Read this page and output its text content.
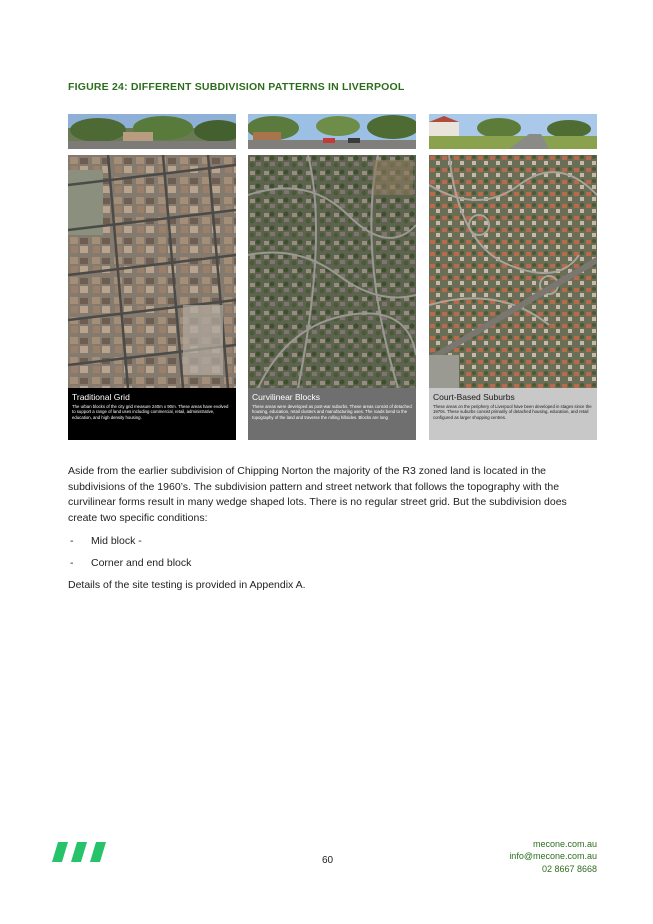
FIGURE 24: DIFFERENT SUBDIVISION PATTERNS IN LIVERPOOL
Traditional Grid
The urban blocks of the city grid measure 240m x 90m. These areas have evolved to support a range of land uses including commercial, retail, administrative, education, and high density housing.
Curvilinear Blocks
These areas were developed as post-war suburbs. These areas consist of detached housing, education, retail clusters and manufacturing uses. The roads bend to the topography of the land and traverse the rolling hillsides. Blocks are long
Court-Based Suburbs
These areas on the periphery of Liverpool have been developed in stages since the 1970s. These suburbs consist primarily of detached housing, education, and retail configured as larger shopping centres.

Aside from the earlier subdivision of Chipping Norton the majority of the R3 zoned land is located in the subdivisions of the 1960’s. The subdivision pattern and street network that follows the topography with the curvilinear forms result in many wedge shaped lots. There is no regular street grid. But the subdivision does create two specific conditions:

- Mid block -
- Corner and end block

Details of the site testing is provided in Appendix A.

60
mecone.com.au
info@mecone.com.au
02 8667 8668
